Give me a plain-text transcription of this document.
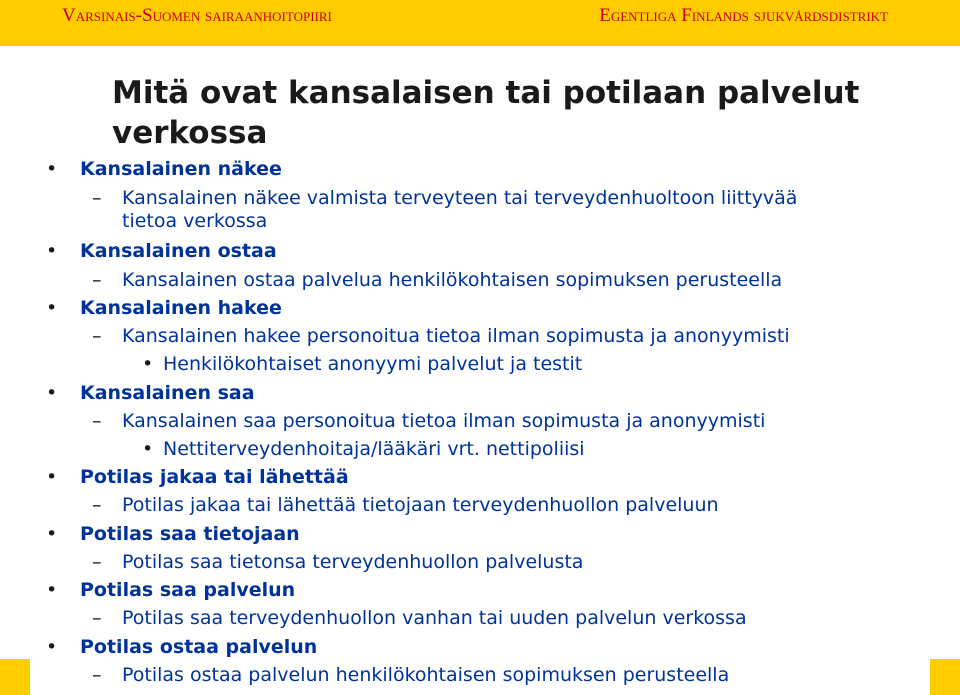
Varsinais-Suomen sairaanhoitopiiri	Egentliga Finlands sjukvårdsdistrikt
Mitä ovat kansalaisen tai potilaan palvelut verkossa
• Kansalainen näkee
– Kansalainen näkee valmista terveyteen tai terveydenhuoltoon liittyvää
tietoa verkossa
• Kansalainen ostaa
– Kansalainen ostaa palvelua henkilökohtaisen sopimuksen perusteella
• Kansalainen hakee
– Kansalainen hakee personoitua tietoa ilman sopimusta ja anonyymisti
• Henkilökohtaiset anonyymi palvelut ja testit
• Kansalainen saa
– Kansalainen saa personoitua tietoa ilman sopimusta ja anonyymisti
• Nettiterveydenhoitaja/lääkäri vrt. nettipoliisi
• Potilas jakaa tai lähettää
– Potilas jakaa tai lähettää tietojaan terveydenhuollon palveluun
• Potilas saa tietojaan
– Potilas saa tietonsa terveydenhuollon palvelusta
• Potilas saa palvelun
– Potilas saa terveydenhuollon vanhan tai uuden palvelun verkossa
• Potilas ostaa palvelun
– Potilas ostaa palvelun henkilökohtaisen sopimuksen perusteella
